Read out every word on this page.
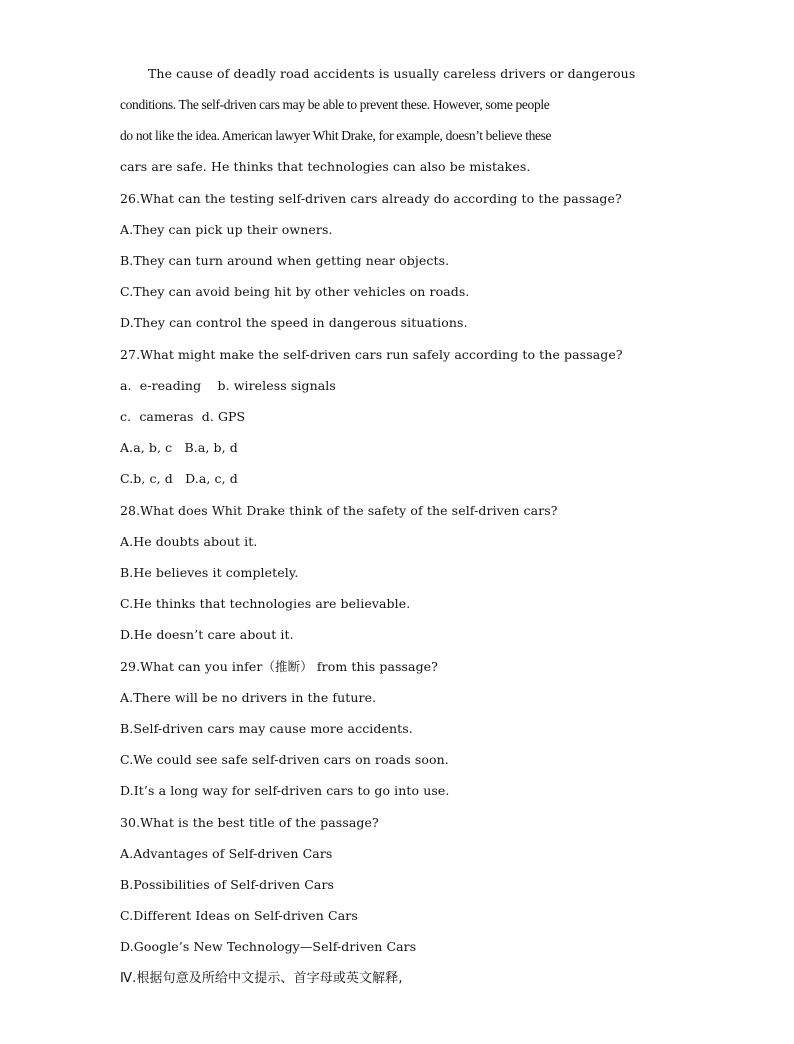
The cause of deadly road accidents is usually careless drivers or dangerous
conditions. The self-driven cars may be able to prevent these. However, some people
do not like the idea. American lawyer Whit Drake, for example, doesn’t believe these
cars are safe. He thinks that technologies can also be mistakes.
26.What can the testing self-driven cars already do according to the passage?
A.They can pick up their owners.
B.They can turn around when getting near objects.
C.They can avoid being hit by other vehicles on roads.
D.They can control the speed in dangerous situations.
27.What might make the self-driven cars run safely according to the passage?
a.  e-reading    b. wireless signals
c.  cameras  d. GPS
A.a, b, c   B.a, b, d
C.b, c, d   D.a, c, d
28.What does Whit Drake think of the safety of the self-driven cars?
A.He doubts about it.
B.He believes it completely.
C.He thinks that technologies are believable.
D.He doesn’t care about it.
29.What can you infer（推断） from this passage?
A.There will be no drivers in the future.
B.Self-driven cars may cause more accidents.
C.We could see safe self-driven cars on roads soon.
D.It’s a long way for self-driven cars to go into use.
30.What is the best title of the passage?
A.Advantages of Self-driven Cars
B.Possibilities of Self-driven Cars
C.Different Ideas on Self-driven Cars
D.Google’s New Technology—Self-driven Cars
Ⅳ.根据句意及所给中文提示、首字母或英文解释,
